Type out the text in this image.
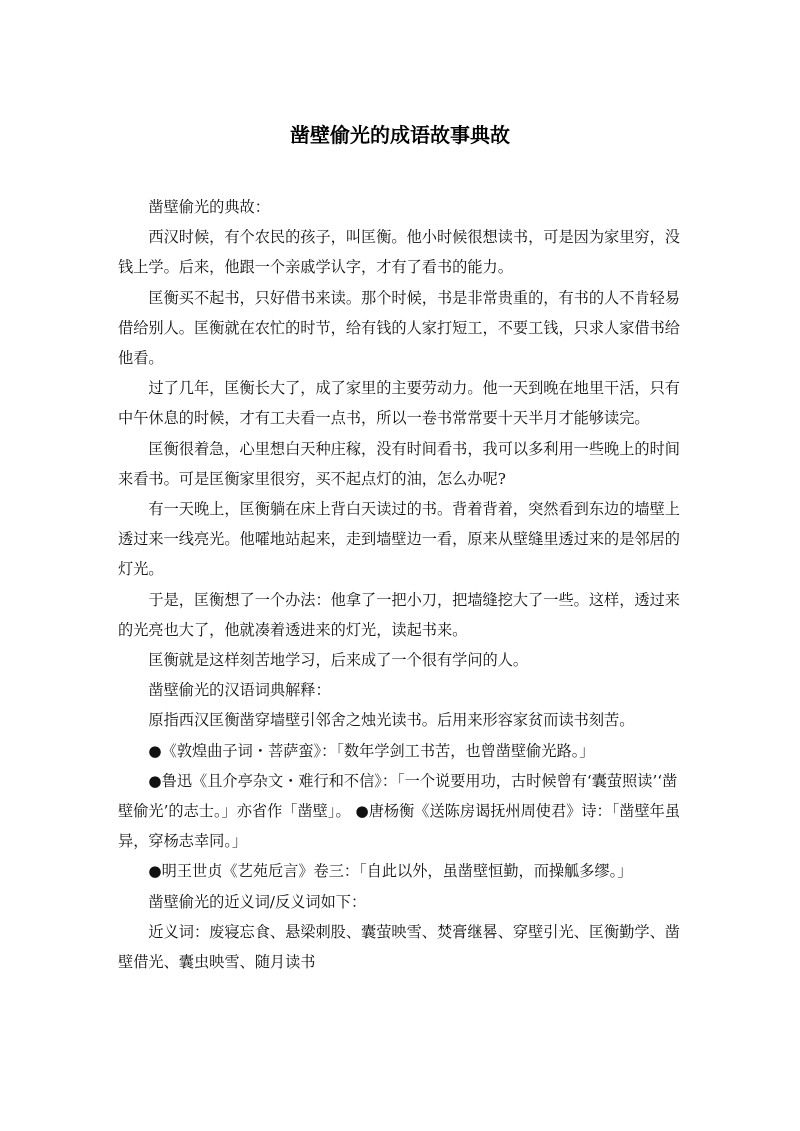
凿壁偷光的成语故事典故

凿壁偷光的典故：

西汉时候，有个农民的孩子，叫匡衡。他小时候很想读书，可是因为家里穷，没钱上学。后来，他跟一个亲戚学认字，才有了看书的能力。

匡衡买不起书，只好借书来读。那个时候，书是非常贵重的，有书的人不肯轻易借给别人。匡衡就在农忙的时节，给有钱的人家打短工，不要工钱，只求人家借书给他看。

过了几年，匡衡长大了，成了家里的主要劳动力。他一天到晚在地里干活，只有中午休息的时候，才有工夫看一点书，所以一卷书常常要十天半月才能够读完。

匡衡很着急，心里想白天种庄稼，没有时间看书，我可以多利用一些晚上的时间来看书。可是匡衡家里很穷，买不起点灯的油，怎么办呢?

有一天晚上，匡衡躺在床上背白天读过的书。背着背着，突然看到东边的墙壁上透过来一线亮光。他嚯地站起来，走到墙壁边一看，原来从壁缝里透过来的是邻居的灯光。

于是，匡衡想了一个办法：他拿了一把小刀，把墙缝挖大了一些。这样，透过来的光亮也大了，他就凑着透进来的灯光，读起书来。

匡衡就是这样刻苦地学习，后来成了一个很有学问的人。

凿壁偷光的汉语词典解释：

原指西汉匡衡凿穿墙壁引邻舍之烛光读书。后用来形容家贫而读书刻苦。

●《敦煌曲子词・菩萨蛮》：「数年学剑工书苦，也曾凿壁偷光路。」

●鲁迅《且介亭杂文・难行和不信》：「一个说要用功，古时候曾有‘囊萤照读’‘凿壁偷光’的志士。」亦省作「凿壁」。 ●唐杨衡《送陈房谒抚州周使君》诗：「凿壁年虽异，穿杨志幸同。」

●明王世贞《艺苑卮言》卷三：「自此以外，虽凿壁恒勤，而操觚多缪。」

凿壁偷光的近义词/反义词如下：

近义词：废寝忘食、悬梁刺股、囊萤映雪、焚膏继晷、穿壁引光、匡衡勤学、凿壁借光、囊虫映雪、随月读书
